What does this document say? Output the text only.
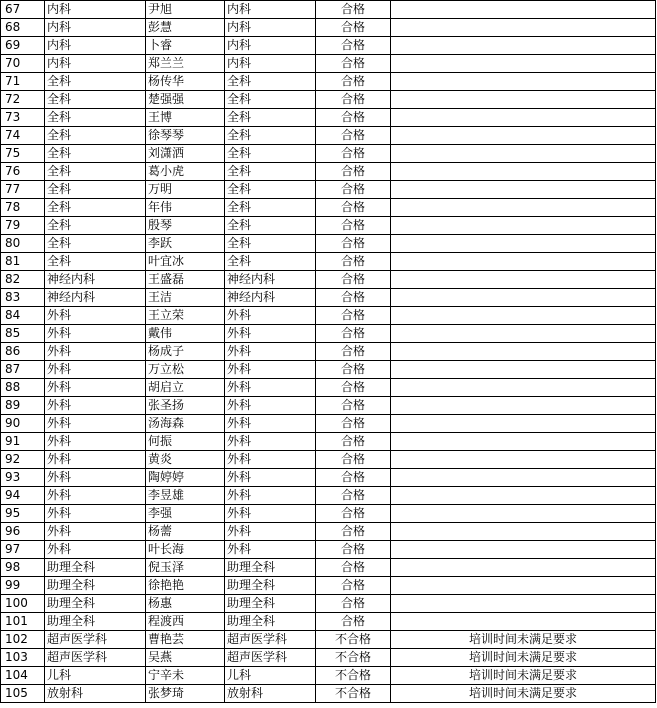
67	内科	尹旭	内科	合格	
68	内科	彭慧	内科	合格	
69	内科	卜睿	内科	合格	
70	内科	郑兰兰	内科	合格	
71	全科	杨传华	全科	合格	
72	全科	楚强强	全科	合格	
73	全科	王博	全科	合格	
74	全科	徐琴琴	全科	合格	
75	全科	刘潇洒	全科	合格	
76	全科	葛小虎	全科	合格	
77	全科	万明	全科	合格	
78	全科	年伟	全科	合格	
79	全科	殷琴	全科	合格	
80	全科	李跃	全科	合格	
81	全科	叶宜冰	全科	合格	
82	神经内科	王盛磊	神经内科	合格	
83	神经内科	王洁	神经内科	合格	
84	外科	王立荣	外科	合格	
85	外科	戴伟	外科	合格	
86	外科	杨成子	外科	合格	
87	外科	万立松	外科	合格	
88	外科	胡启立	外科	合格	
89	外科	张圣扬	外科	合格	
90	外科	汤海森	外科	合格	
91	外科	何振	外科	合格	
92	外科	黄炎	外科	合格	
93	外科	陶婷婷	外科	合格	
94	外科	李昱雄	外科	合格	
95	外科	李强	外科	合格	
96	外科	杨薷	外科	合格	
97	外科	叶长海	外科	合格	
98	助理全科	倪玉泽	助理全科	合格	
99	助理全科	徐艳艳	助理全科	合格	
100	助理全科	杨惠	助理全科	合格	
101	助理全科	程渡西	助理全科	合格	
102	超声医学科	曹艳芸	超声医学科	不合格	培训时间未满足要求
103	超声医学科	吴燕	超声医学科	不合格	培训时间未满足要求
104	儿科	宁辛未	儿科	不合格	培训时间未满足要求
105	放射科	张梦琦	放射科	不合格	培训时间未满足要求
